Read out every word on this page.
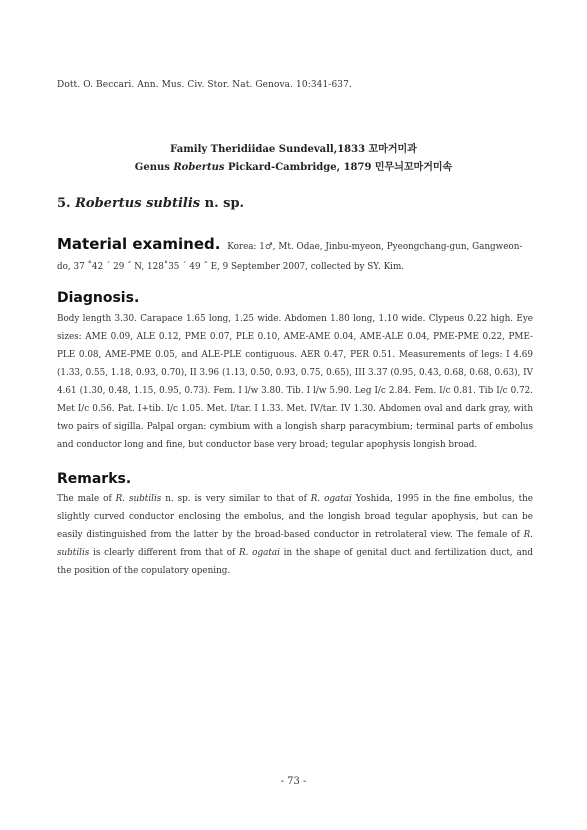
Dott. O. Beccari. Ann. Mus. Civ. Stor. Nat. Genova. 10:341-637.
Family Theridiidae Sundevall,1833 꼬마거미과
Genus Robertus Pickard-Cambridge, 1879 민무늬꼬마거미속
5. Robertus subtilis n. sp.
Material examined. Korea: 1♂, Mt. Odae, Jinbu-myeon, Pyeongchang-gun, Gangweon-do, 37 ˚42 ´ 29 ˝ N, 128˚35 ´ 49 ˝ E, 9 September 2007, collected by SY. Kim.
Diagnosis.
Body length 3.30. Carapace 1.65 long, 1.25 wide. Abdomen 1.80 long, 1.10 wide. Clypeus 0.22 high. Eye sizes: AME 0.09, ALE 0.12, PME 0.07, PLE 0.10, AME-AME 0.04, AME-ALE 0.04, PME-PME 0.22, PME-PLE 0.08, AME-PME 0.05, and ALE-PLE contiguous. AER 0.47, PER 0.51. Measurements of legs: I 4.69 (1.33, 0.55, 1.18, 0.93, 0.70), II 3.96 (1.13, 0.50, 0.93, 0.75, 0.65), III 3.37 (0.95, 0.43, 0.68, 0.68, 0.63), IV 4.61 (1.30, 0.48, 1.15, 0.95, 0.73). Fem. I l/w 3.80. Tib. I l/w 5.90. Leg I/c 2.84. Fem. I/c 0.81. Tib I/c 0.72. Met I/c 0.56. Pat. I+tib. I/c 1.05. Met. I/tar. I 1.33. Met. IV/tar. IV 1.30. Abdomen oval and dark gray, with two pairs of sigilla. Palpal organ: cymbium with a longish sharp paracymbium; terminal parts of embolus and conductor long and fine, but conductor base very broad; tegular apophysis longish broad.
Remarks.
The male of R. subtilis n. sp. is very similar to that of R. ogatai Yoshida, 1995 in the fine embolus, the slightly curved conductor enclosing the embolus, and the longish broad tegular apophysis, but can be easily distinguished from the latter by the broad-based conductor in retrolateral view. The female of R. subtilis is clearly different from that of R. ogatai in the shape of genital duct and fertilization duct, and the position of the copulatory opening.
- 73 -
